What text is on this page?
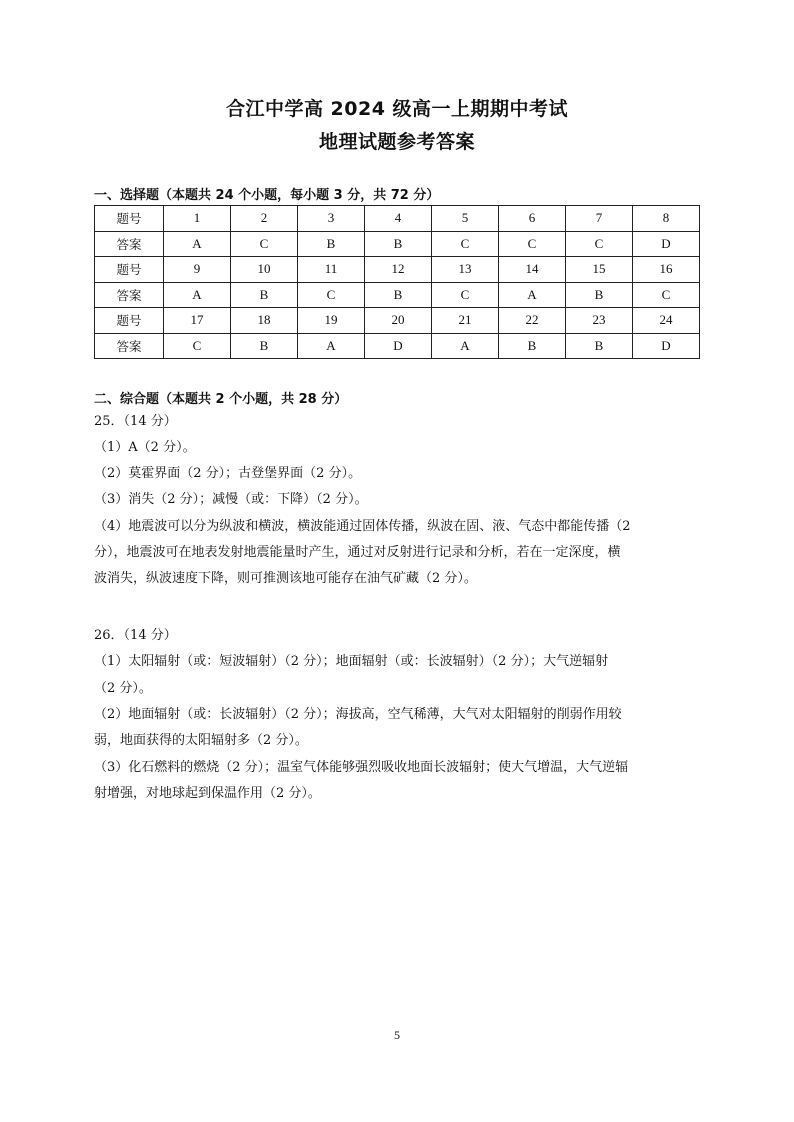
合江中学高 2024 级高一上期期中考试
地理试题参考答案
一、选择题（本题共 24 个小题，每小题 3 分，共 72 分）
题号	1	2	3	4	5	6	7	8
答案	A	C	B	B	C	C	C	D
题号	9	10	11	12	13	14	15	16
答案	A	B	C	B	C	A	B	C
题号	17	18	19	20	21	22	23	24
答案	C	B	A	D	A	B	B	D
二、综合题（本题共 2 个小题，共 28 分）
25．（14 分）
（1）A（2 分）。
（2）莫霍界面（2 分）；古登堡界面（2 分）。
（3）消失（2 分）；减慢（或：下降）（2 分）。
（4）地震波可以分为纵波和横波，横波能通过固体传播，纵波在固、液、气态中都能传播（2
分），地震波可在地表发射地震能量时产生，通过对反射进行记录和分析，若在一定深度，横
波消失，纵波速度下降，则可推测该地可能存在油气矿藏（2 分）。
26．（14 分）
（1）太阳辐射（或：短波辐射）（2 分）；地面辐射（或：长波辐射）（2 分）；大气逆辐射
（2 分）。
（2）地面辐射（或：长波辐射）（2 分）；海拔高，空气稀薄，大气对太阳辐射的削弱作用较
弱，地面获得的太阳辐射多（2 分）。
（3）化石燃料的燃烧（2 分）；温室气体能够强烈吸收地面长波辐射；使大气增温，大气逆辐
射增强，对地球起到保温作用（2 分）。
5
